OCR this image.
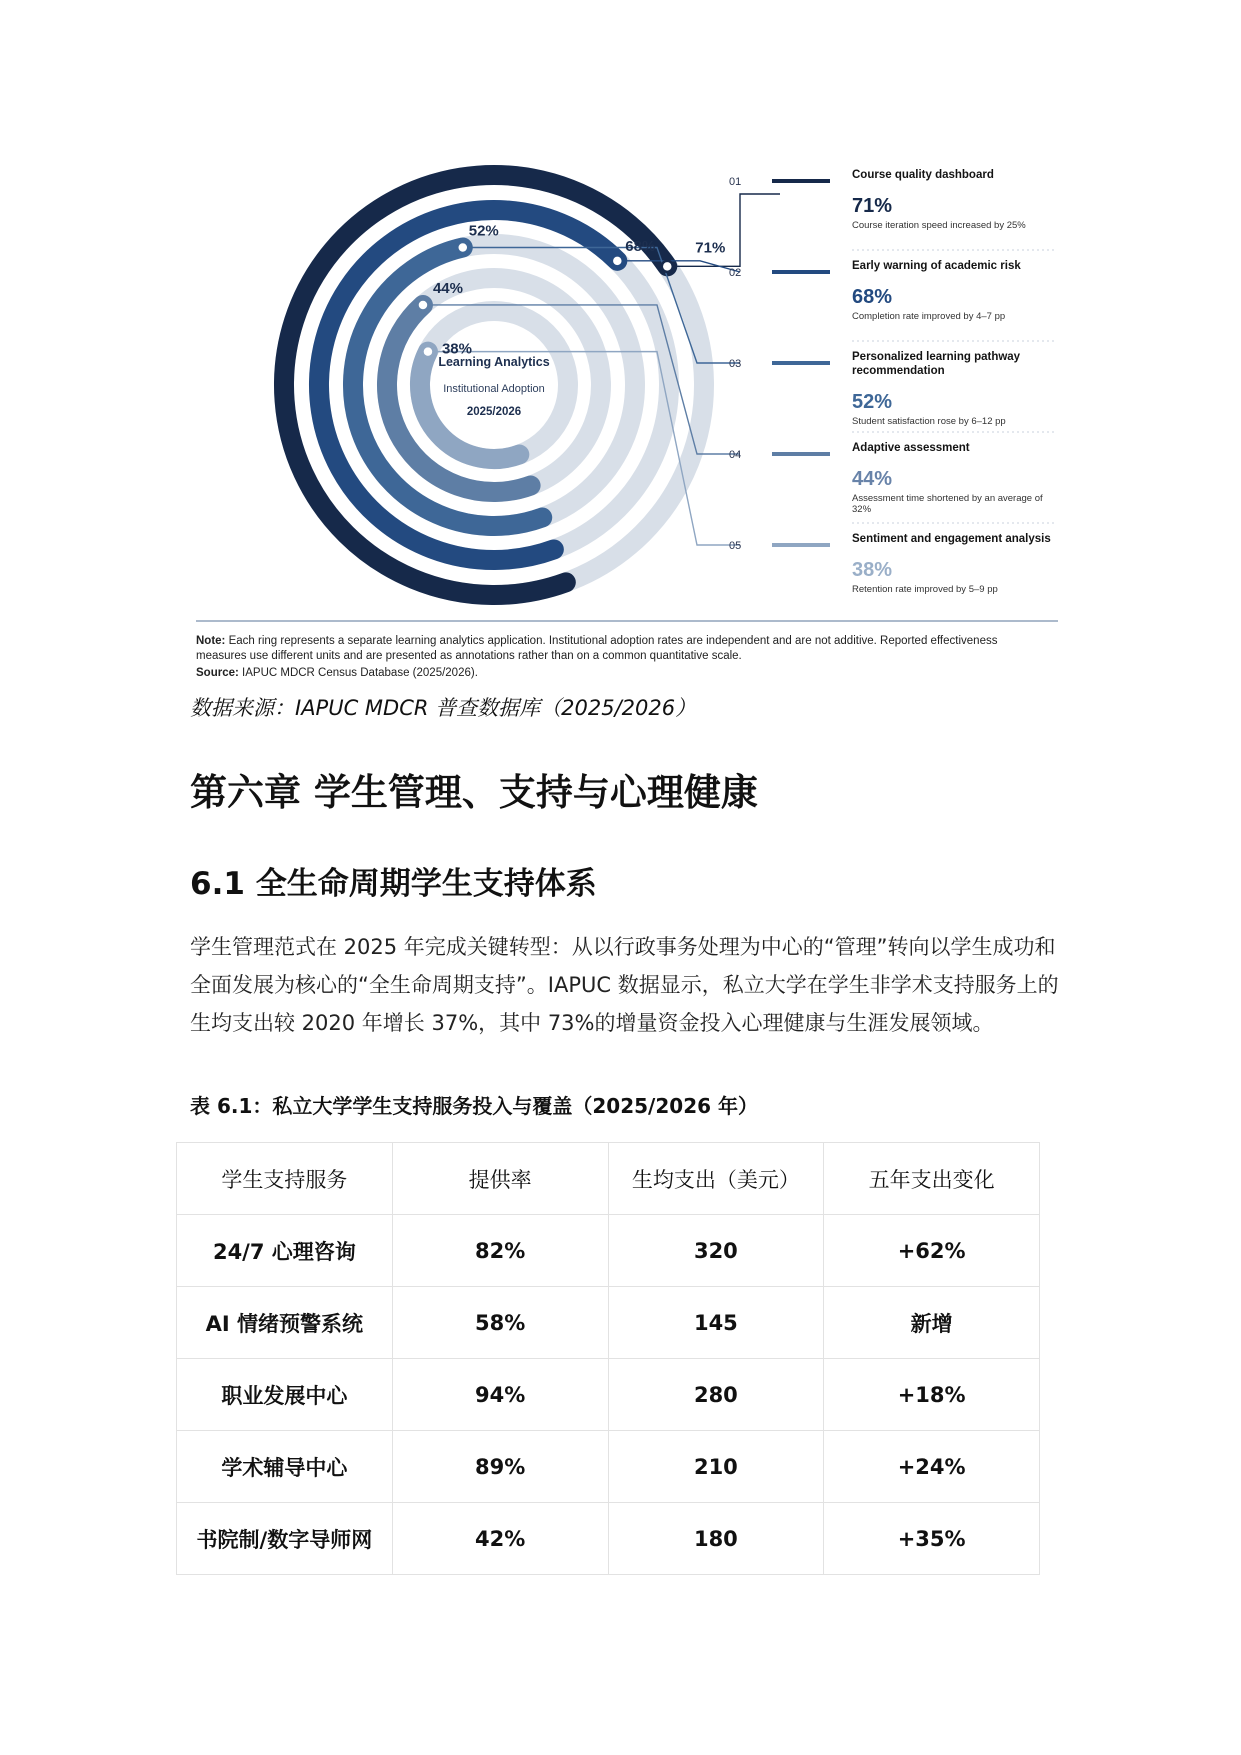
71%
68%
52%
44%
38%
Learning Analytics
Institutional Adoption
2025/2026
01
Course quality dashboard
71%
Course iteration speed increased by 25%
02
Early warning of academic risk
68%
Completion rate improved by 4–7 pp
03
Personalized learning pathway recommendation
52%
Student satisfaction rose by 6–12 pp
04
Adaptive assessment
44%
Assessment time shortened by an average of 32%
05
Sentiment and engagement analysis
38%
Retention rate improved by 5–9 pp
Note: Each ring represents a separate learning analytics application. Institutional adoption rates are independent and are not additive. Reported effectiveness measures use different units and are presented as annotations rather than on a common quantitative scale.
Source: IAPUC MDCR Census Database (2025/2026).
数据来源：IAPUC MDCR 普查数据库（2025/2026）
第六章 学生管理、支持与心理健康
6.1 全生命周期学生支持体系

学生管理范式在 2025 年完成关键转型：从以行政事务处理为中心的“管理”转向以学生成功和全面发展为核心的“全生命周期支持”。IAPUC 数据显示，私立大学在学生非学术支持服务上的生均支出较 2020 年增长 37%，其中 73%的增量资金投入心理健康与生涯发展领域。

表 6.1：私立大学学生支持服务投入与覆盖（2025/2026 年）
学生支持服务	提供率	生均支出（美元）	五年支出变化
24/7 心理咨询	82%	320	+62%
AI 情绪预警系统	58%	145	新增
职业发展中心	94%	280	+18%
学术辅导中心	89%	210	+24%
书院制/数字导师网	42%	180	+35%
